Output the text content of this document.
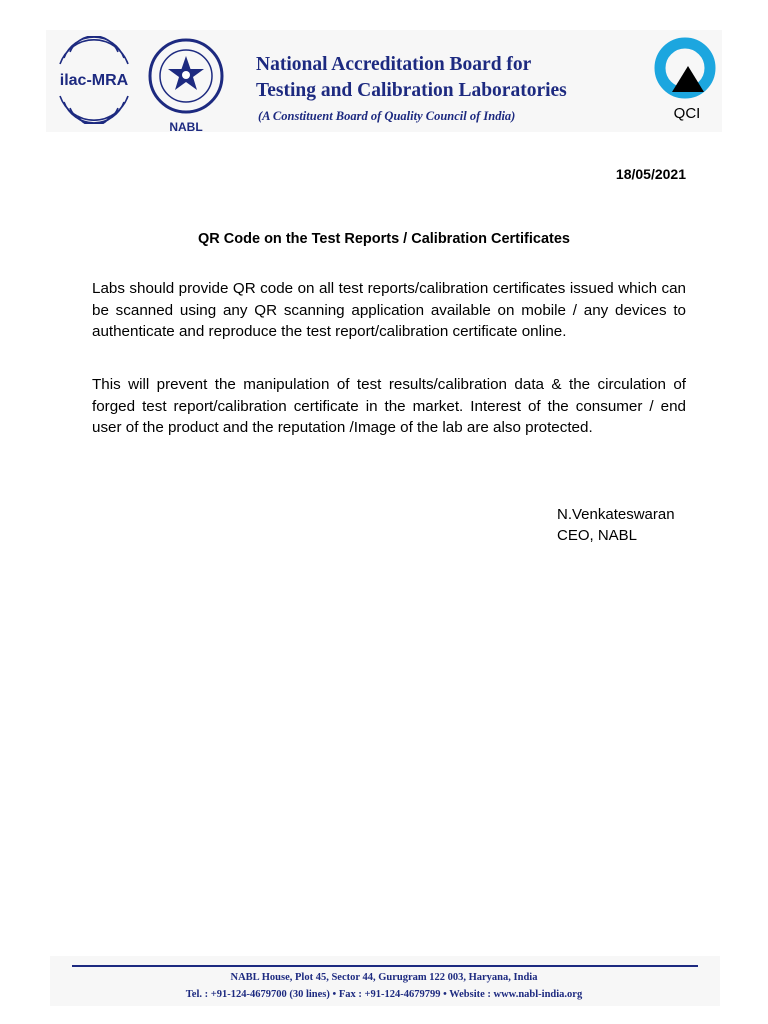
ilac-MRA
NABL
National Accreditation Board for
Testing and Calibration Laboratories
(A Constituent Board of Quality Council of India)	QCI
18/05/2021
QR Code on the Test Reports / Calibration Certificates

Labs should provide QR code on all test reports/calibration certificates issued which can be scanned using any QR scanning application available on mobile / any devices to authenticate and reproduce the test report/calibration certificate online.

This will prevent the manipulation of test results/calibration data & the circulation of forged test report/calibration certificate in the market. Interest of the consumer / end user of the product and the reputation /Image of the lab are also protected.

N.Venkateswaran
CEO, NABL
NABL House, Plot 45, Sector 44, Gurugram 122 003, Haryana, India
Tel. : +91-124-4679700 (30 lines) • Fax : +91-124-4679799 • Website : www.nabl-india.org
